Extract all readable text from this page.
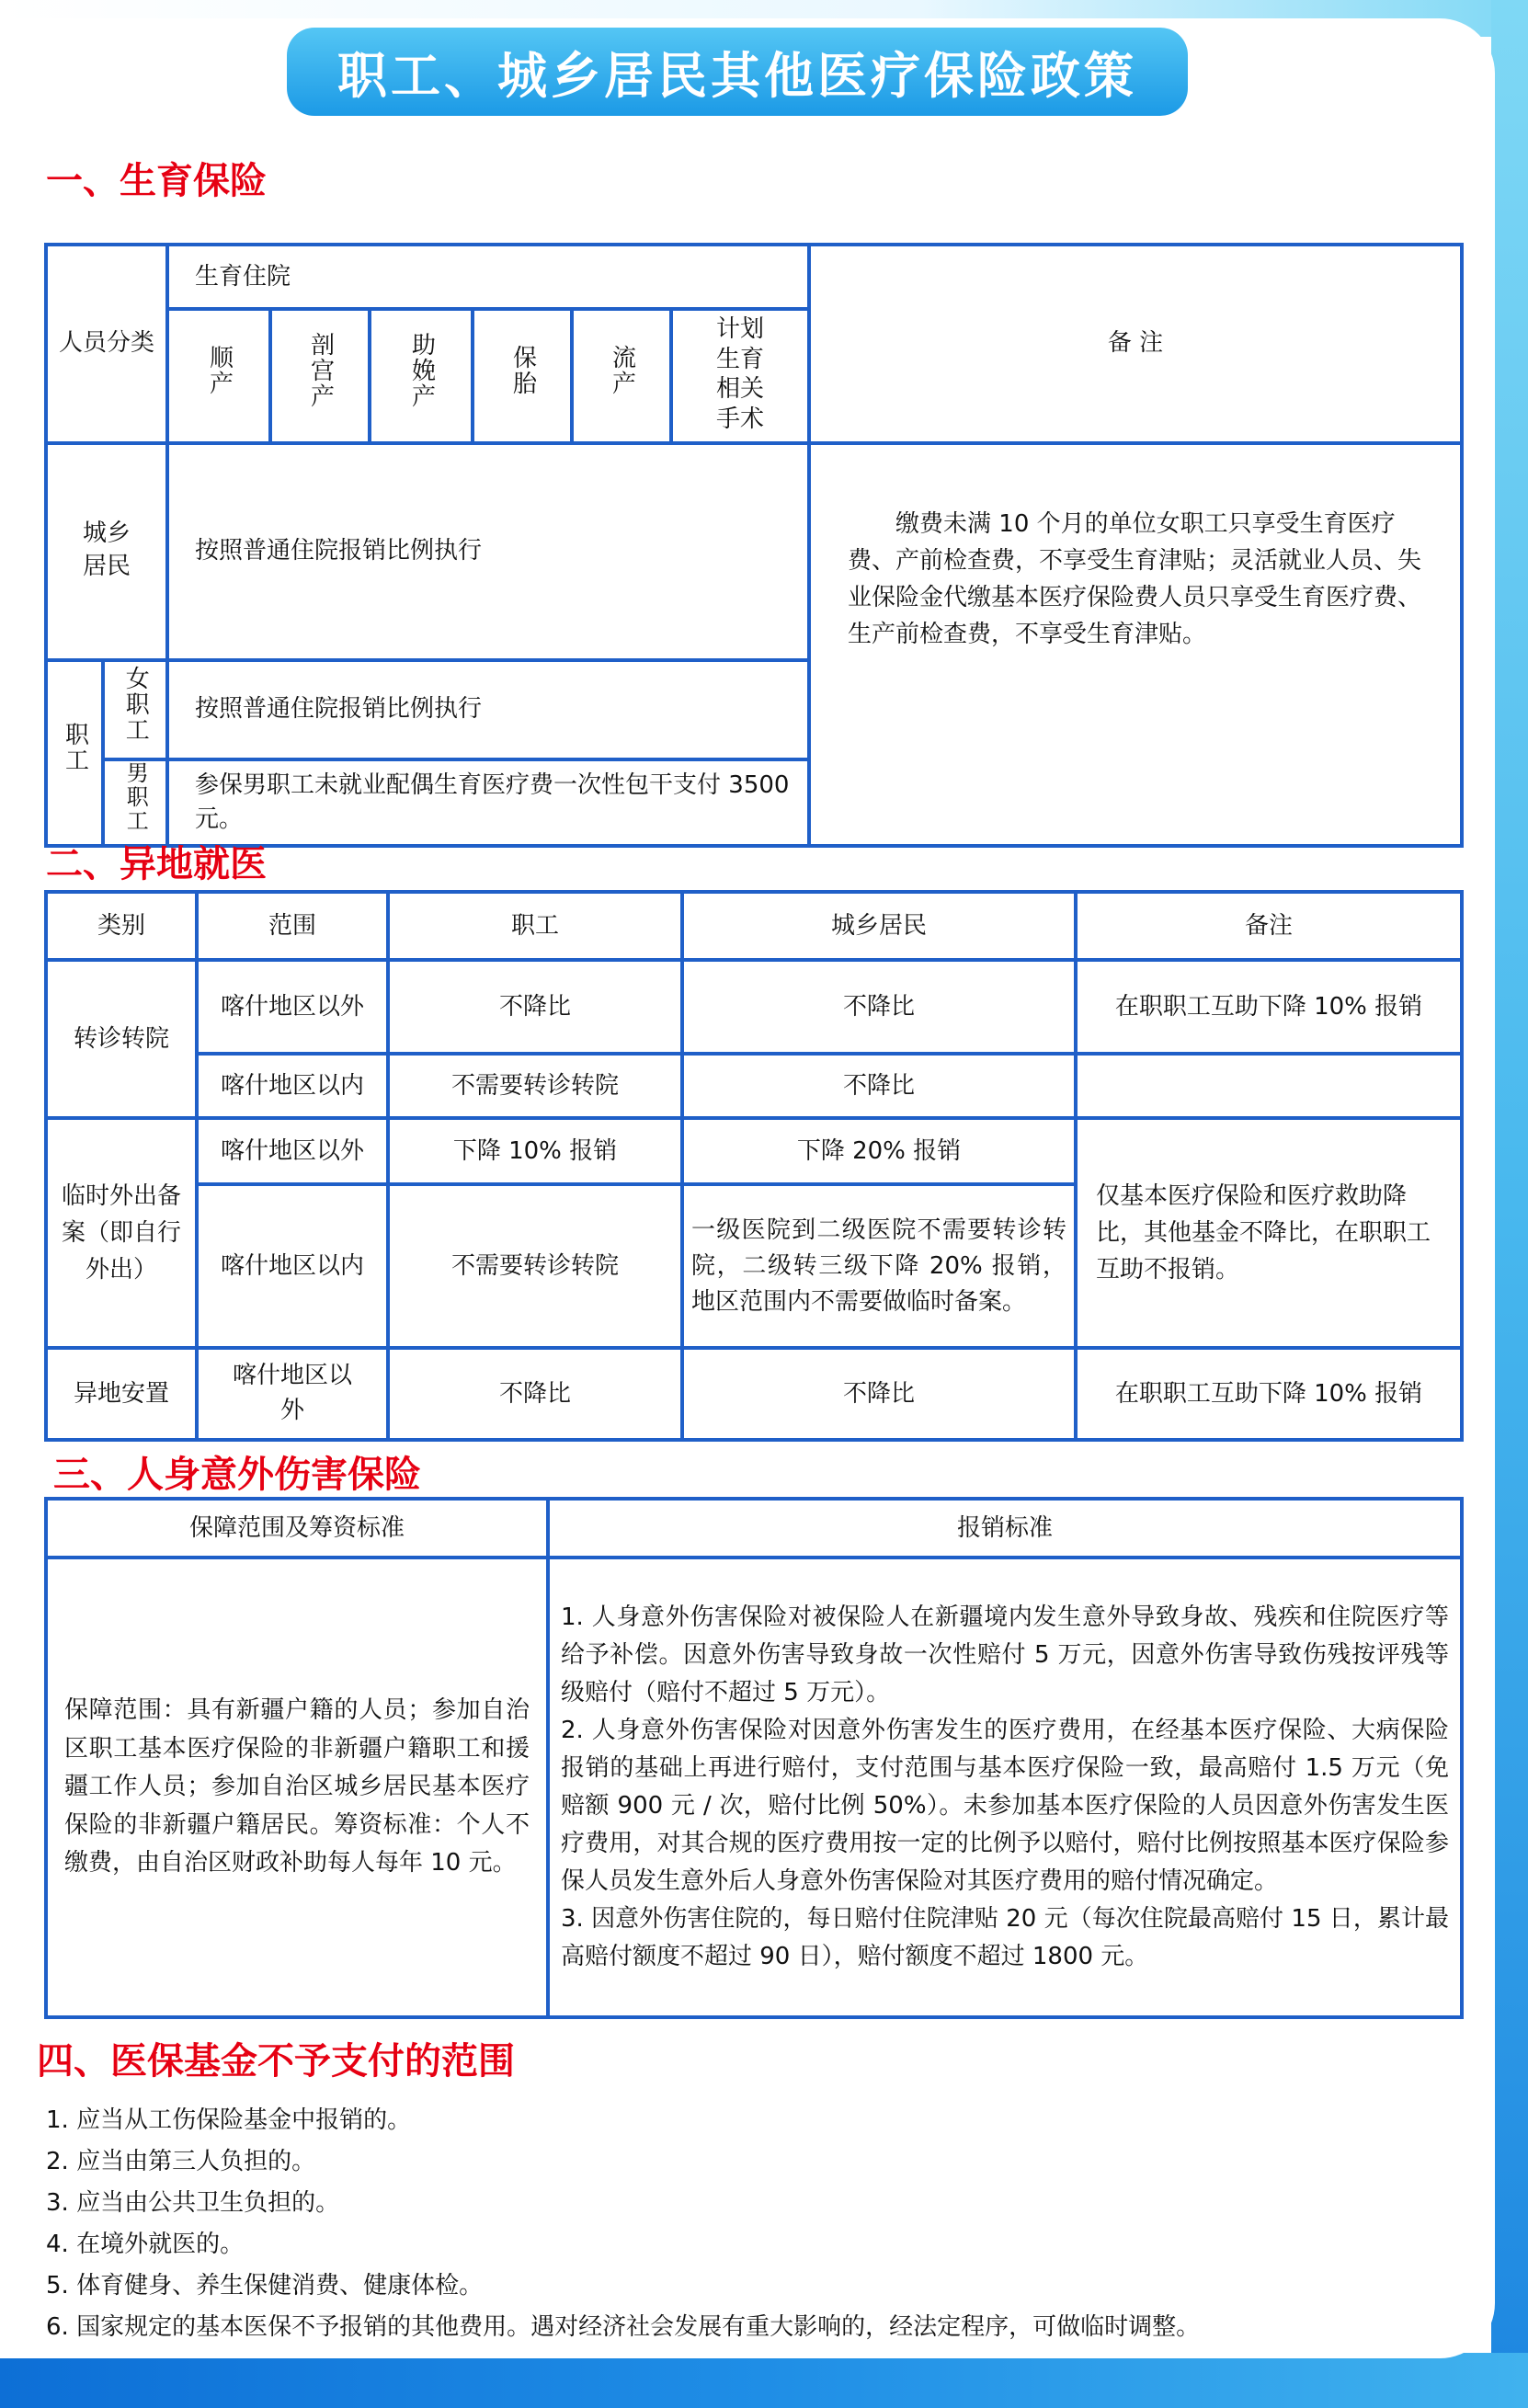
职工、城乡居民其他医疗保险政策
一、生育保险
人员分类		生育住院						备 注
		顺产	剖宫产	助娩产	保胎	流产	计划生育相关手术	
城乡居民		按照普通住院报销比例执行						缴费未满 10 个月的单位女职工只享受生育医疗费、产前检查费，不享受生育津贴；灵活就业人员、失业保险金代缴基本医疗保险费人员只享受生育医疗费、生产前检查费，不享受生育津贴。
职工	女职工	按照普通住院报销比例执行						
	男职工	参保男职工未就业配偶生育医疗费一次性包干支付 3500 元。						
二、异地就医
类别	范围	职工	城乡居民	备注
转诊转院	喀什地区以外	不降比	不降比	在职职工互助下降 10% 报销
	喀什地区以内	不需要转诊转院	不降比	
临时外出备案（即自行外出）	喀什地区以外	下降 10% 报销	下降 20% 报销	仅基本医疗保险和医疗救助降比，其他基金不降比，在职职工互助不报销。
	喀什地区以内	不需要转诊转院	一级医院到二级医院不需要转诊转院，二级转三级下降 20% 报销，地区范围内不需要做临时备案。	
异地安置	喀什地区以外	不降比	不降比	在职职工互助下降 10% 报销
三、人身意外伤害保险
保障范围及筹资标准	报销标准
保障范围：具有新疆户籍的人员；参加自治区职工基本医疗保险的非新疆户籍职工和援疆工作人员；参加自治区城乡居民基本医疗保险的非新疆户籍居民。筹资标准：个人不缴费，由自治区财政补助每人每年 10 元。	1. 人身意外伤害保险对被保险人在新疆境内发生意外导致身故、残疾和住院医疗等给予补偿。因意外伤害导致身故一次性赔付 5 万元，因意外伤害导致伤残按评残等级赔付（赔付不超过 5 万元）。

2. 人身意外伤害保险对因意外伤害发生的医疗费用，在经基本医疗保险、大病保险报销的基础上再进行赔付，支付范围与基本医疗保险一致，最高赔付 1.5 万元（免赔额 900 元 / 次，赔付比例 50%）。未参加基本医疗保险的人员因意外伤害发生医疗费用，对其合规的医疗费用按一定的比例予以赔付，赔付比例按照基本医疗保险参保人员发生意外后人身意外伤害保险对其医疗费用的赔付情况确定。

3. 因意外伤害住院的，每日赔付住院津贴 20 元（每次住院最高赔付 15 日，累计最高赔付额度不超过 90 日），赔付额度不超过 1800 元。

四、医保基金不予支付的范围
1. 应当从工伤保险基金中报销的。
2. 应当由第三人负担的。
3. 应当由公共卫生负担的。
4. 在境外就医的。
5. 体育健身、养生保健消费、健康体检。
6. 国家规定的基本医保不予报销的其他费用。遇对经济社会发展有重大影响的，经法定程序，可做临时调整。
